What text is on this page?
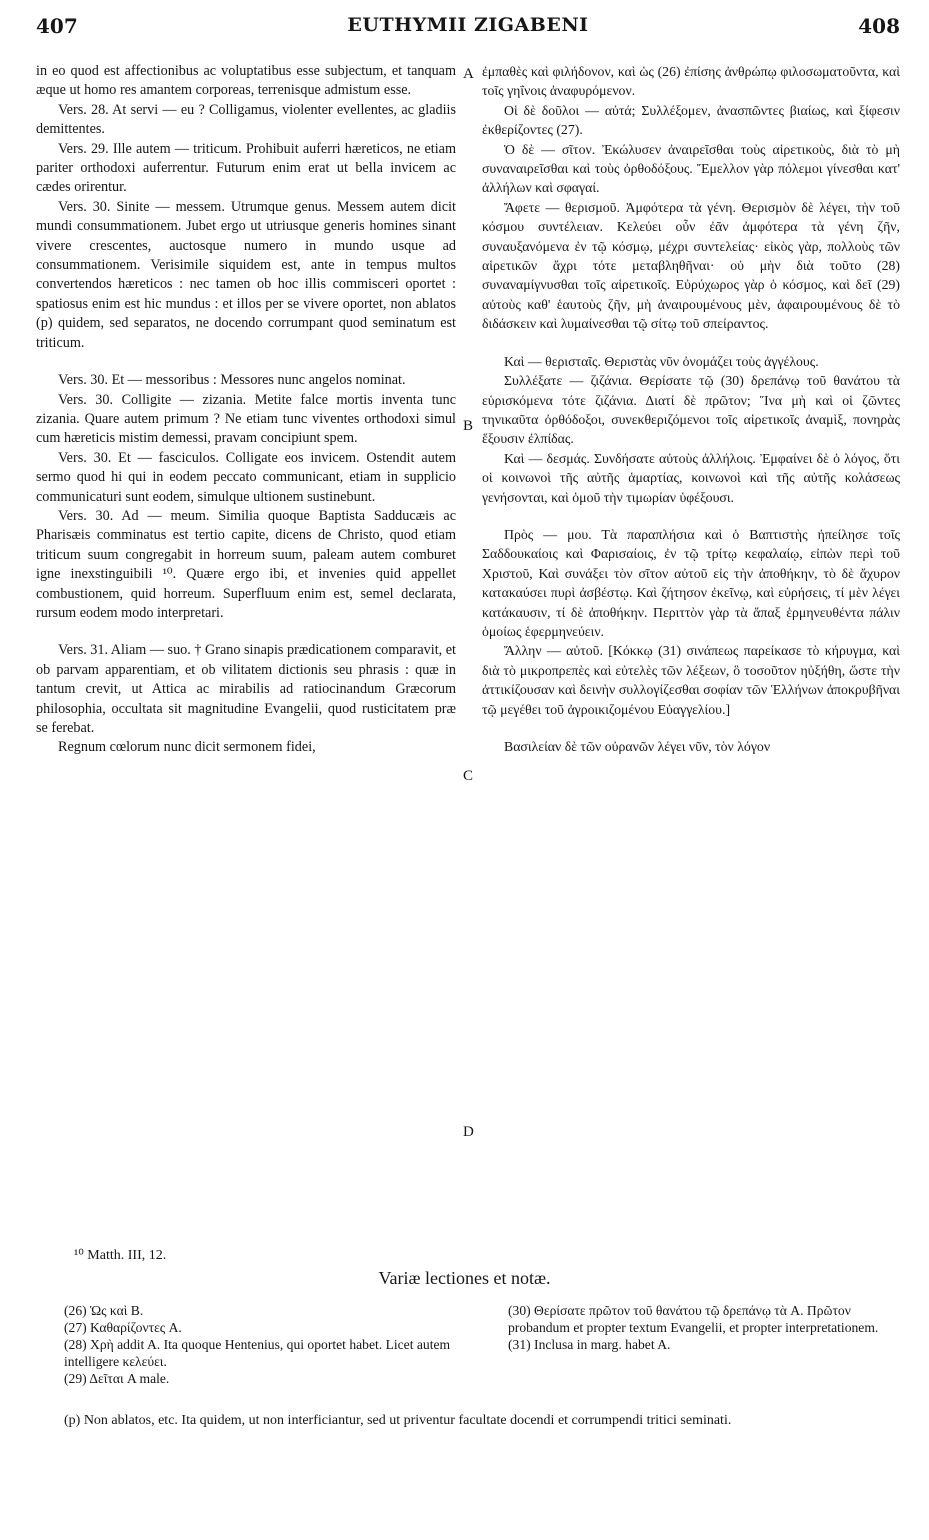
407	EUTHYMII ZIGABENI	408

in eo quod est affectionibus ac voluptatibus esse subjectum, et tanquam æque ut homo res amantem corporeas, terrenisque admistum esse.

Vers. 28. At servi — eu ? Colligamus, violenter evellentes, ac gladiis demittentes.

Vers. 29. Ille autem — triticum. Prohibuit auferri hæreticos, ne etiam pariter orthodoxi auferrentur. Futurum enim erat ut bella invicem ac cædes orirentur.

Vers. 30. Sinite — messem. Utrumque genus. Messem autem dicit mundi consummationem. Jubet ergo ut utriusque generis homines sinant vivere crescentes, auctosque numero in mundo usque ad consummationem. Verisimile siquidem est, ante in tempus multos convertendos hæreticos : nec tamen ob hoc illis commisceri oportet : spatiosus enim est hic mundus : et illos per se vivere oportet, non ablatos (p) quidem, sed separatos, ne docendo corrumpant quod seminatum est triticum.

Vers. 30. Et — messoribus : Messores nunc angelos nominat.

Vers. 30. Colligite — zizania. Metite falce mortis inventa tunc zizania. Quare autem primum ? Ne etiam tunc viventes orthodoxi simul cum hæreticis mistim demessi, pravam concipiunt spem.

Vers. 30. Et — fasciculos. Colligate eos invicem. Ostendit autem sermo quod hi qui in eodem peccato communicant, etiam in supplicio communicaturi sunt eodem, simulque ultionem sustinebunt.

Vers. 30. Ad — meum. Similia quoque Baptista Sadducæis ac Pharisæis comminatus est tertio capite, dicens de Christo, quod etiam triticum suum congregabit in horreum suum, paleam autem comburet igne inexstinguibili ¹⁰. Quære ergo ibi, et invenies quid appellet combustionem, quid horreum. Superfluum enim est, semel declarata, rursum eodem modo interpretari.

Vers. 31. Aliam — suo. † Grano sinapis prædicationem comparavit, et ob parvam apparentiam, et ob vilitatem dictionis seu phrasis : quæ in tantum crevit, ut Attica ac mirabilis ad ratiocinandum Græcorum philosophia, occultata sit magnitudine Evangelii, quod rusticitatem præ se ferebat.

Regnum cœlorum nunc dicit sermonem fidei,

A
B
C
D

ἐμπαθὲς καὶ φιλήδονον, καὶ ὡς (26) ἐπίσης ἀνθρώπῳ φιλοσωματοῦντα, καὶ τοῖς γηΐνοις ἀναφυρόμενον.

Οἱ δὲ δοῦλοι — αὐτά; Συλλέξομεν, ἀνασπῶντες βιαίως, καὶ ξίφεσιν ἐκθερίζοντες (27).

Ὁ δὲ — σῖτον. Ἐκώλυσεν ἀναιρεῖσθαι τοὺς αἱρετικοὺς, διὰ τὸ μὴ συναναιρεῖσθαι καὶ τοὺς ὀρθοδόξους. Ἔμελλον γὰρ πόλεμοι γίνεσθαι κατ' ἀλλήλων καὶ σφαγαί.

Ἄφετε — θερισμοῦ. Ἀμφότερα τὰ γένη. Θερισμὸν δὲ λέγει, τὴν τοῦ κόσμου συντέλειαν. Κελεύει οὖν ἐᾶν ἀμφότερα τὰ γένη ζῆν, συναυξανόμενα ἐν τῷ κόσμῳ, μέχρι συντελείας· εἰκὸς γὰρ, πολλοὺς τῶν αἱρετικῶν ἄχρι τότε μεταβληθῆναι· οὐ μὴν διὰ τοῦτο (28) συναναμίγνυσθαι τοῖς αἱρετικοῖς. Εὐρύχωρος γὰρ ὁ κόσμος, καὶ δεῖ (29) αὐτοὺς καθ' ἑαυτοὺς ζῆν, μὴ ἀναιρουμένους μὲν, ἀφαιρουμένους δὲ τὸ διδάσκειν καὶ λυμαίνεσθαι τῷ σίτῳ τοῦ σπείραντος.

Καὶ — θερισταῖς. Θεριστὰς νῦν ὀνομάζει τοὺς ἀγγέλους.

Συλλέξατε — ζιζάνια. Θερίσατε τῷ (30) δρεπάνῳ τοῦ θανάτου τὰ εὑρισκόμενα τότε ζιζάνια. Διατί δὲ πρῶτον; Ἵνα μὴ καὶ οἱ ζῶντες τηνικαῦτα ὀρθόδοξοι, συνεκθεριζόμενοι τοῖς αἱρετικοῖς ἀναμὶξ, πονηρὰς ἕξουσιν ἐλπίδας.

Καὶ — δεσμάς. Συνδήσατε αὐτοὺς ἀλλήλοις. Ἐμφαίνει δὲ ὁ λόγος, ὅτι οἱ κοινωνοὶ τῆς αὐτῆς ἁμαρτίας, κοινωνοὶ καὶ τῆς αὐτῆς κολάσεως γενήσονται, καὶ ὁμοῦ τὴν τιμωρίαν ὑφέξουσι.

Πρὸς — μου. Τὰ παραπλήσια καὶ ὁ Βαπτιστὴς ἠπείλησε τοῖς Σαδδουκαίοις καὶ Φαρισαίοις, ἐν τῷ τρίτῳ κεφαλαίῳ, εἰπὼν περὶ τοῦ Χριστοῦ, Καὶ συνάξει τὸν σῖτον αὐτοῦ εἰς τὴν ἀποθήκην, τὸ δὲ ἄχυρον κατακαύσει πυρὶ ἀσβέστῳ. Καὶ ζήτησον ἐκεῖνῳ, καὶ εὑρήσεις, τί μὲν λέγει κατάκαυσιν, τί δὲ ἀποθήκην. Περιττὸν γὰρ τὰ ἅπαξ ἑρμηνευθέντα πάλιν ὁμοίως ἑφερμηνεύειν.

Ἄλλην — αὐτοῦ. [Κόκκῳ (31) σινάπεως παρείκασε τὸ κήρυγμα, καὶ διὰ τὸ μικροπρεπὲς καὶ εὐτελὲς τῶν λέξεων, ὃ τοσοῦτον ηὐξήθη, ὥστε τὴν ἀττικίζουσαν καὶ δεινὴν συλλογίζεσθαι σοφίαν τῶν Ἑλλήνων ἀποκρυβῆναι τῷ μεγέθει τοῦ ἀγροικιζομένου Εὐαγγελίου.]

Βασιλείαν δὲ τῶν οὐρανῶν λέγει νῦν, τὸν λόγον

¹⁰ Matth. III, 12.
Variæ lectiones et notæ.

(26) Ὡς καὶ B.

(27) Καθαρίζοντες A.

(28) Χρὴ addit A. Ita quoque Hentenius, qui oportet habet. Licet autem intelligere κελεύει.

(29) Δεῖται A male.

(30) Θερίσατε πρῶτον τοῦ θανάτου τῷ δρεπάνῳ τὰ A. Πρῶτον probandum et propter textum Evangelii, et propter interpretationem.

(31) Inclusa in marg. habet A.

(p) Non ablatos, etc. Ita quidem, ut non interficiantur, sed ut priventur facultate docendi et corrumpendi tritici seminati.
